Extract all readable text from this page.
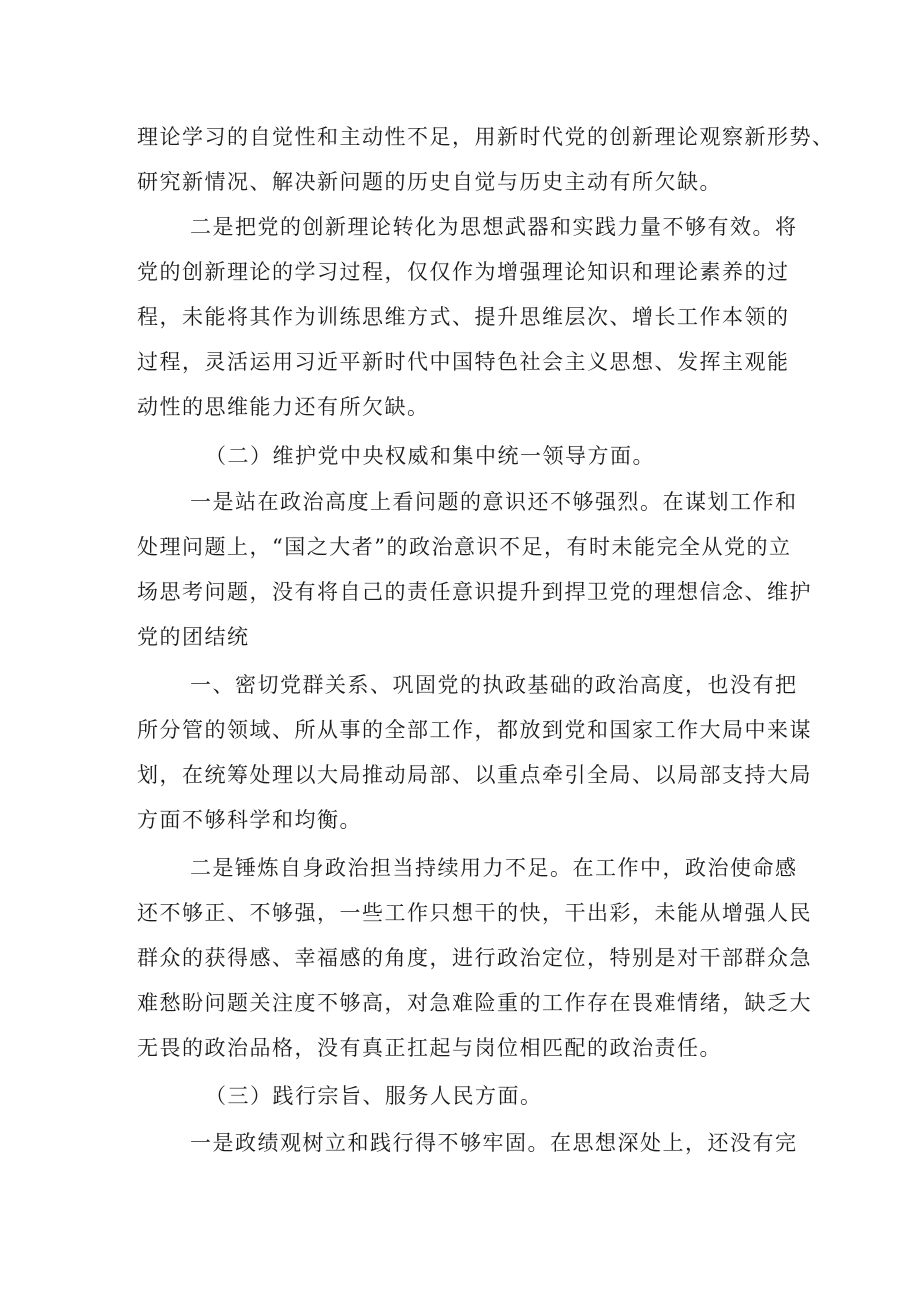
理论学习的自觉性和主动性不足，用新时代党的创新理论观察新形势、
研究新情况、解决新问题的历史自觉与历史主动有所欠缺。
二是把党的创新理论转化为思想武器和实践力量不够有效。将
党的创新理论的学习过程，仅仅作为增强理论知识和理论素养的过
程，未能将其作为训练思维方式、提升思维层次、增长工作本领的
过程，灵活运用习近平新时代中国特色社会主义思想、发挥主观能
动性的思维能力还有所欠缺。
（二）维护党中央权威和集中统一领导方面。
一是站在政治高度上看问题的意识还不够强烈。在谋划工作和
处理问题上，“国之大者”的政治意识不足，有时未能完全从党的立
场思考问题，没有将自己的责任意识提升到捍卫党的理想信念、维护
党的团结统
一、密切党群关系、巩固党的执政基础的政治高度，也没有把
所分管的领域、所从事的全部工作，都放到党和国家工作大局中来谋
划，在统筹处理以大局推动局部、以重点牵引全局、以局部支持大局
方面不够科学和均衡。
二是锤炼自身政治担当持续用力不足。在工作中，政治使命感
还不够正、不够强，一些工作只想干的快，干出彩，未能从增强人民
群众的获得感、幸福感的角度，进行政治定位，特别是对干部群众急
难愁盼问题关注度不够高，对急难险重的工作存在畏难情绪，缺乏大
无畏的政治品格，没有真正扛起与岗位相匹配的政治责任。
（三）践行宗旨、服务人民方面。
一是政绩观树立和践行得不够牢固。在思想深处上，还没有完
